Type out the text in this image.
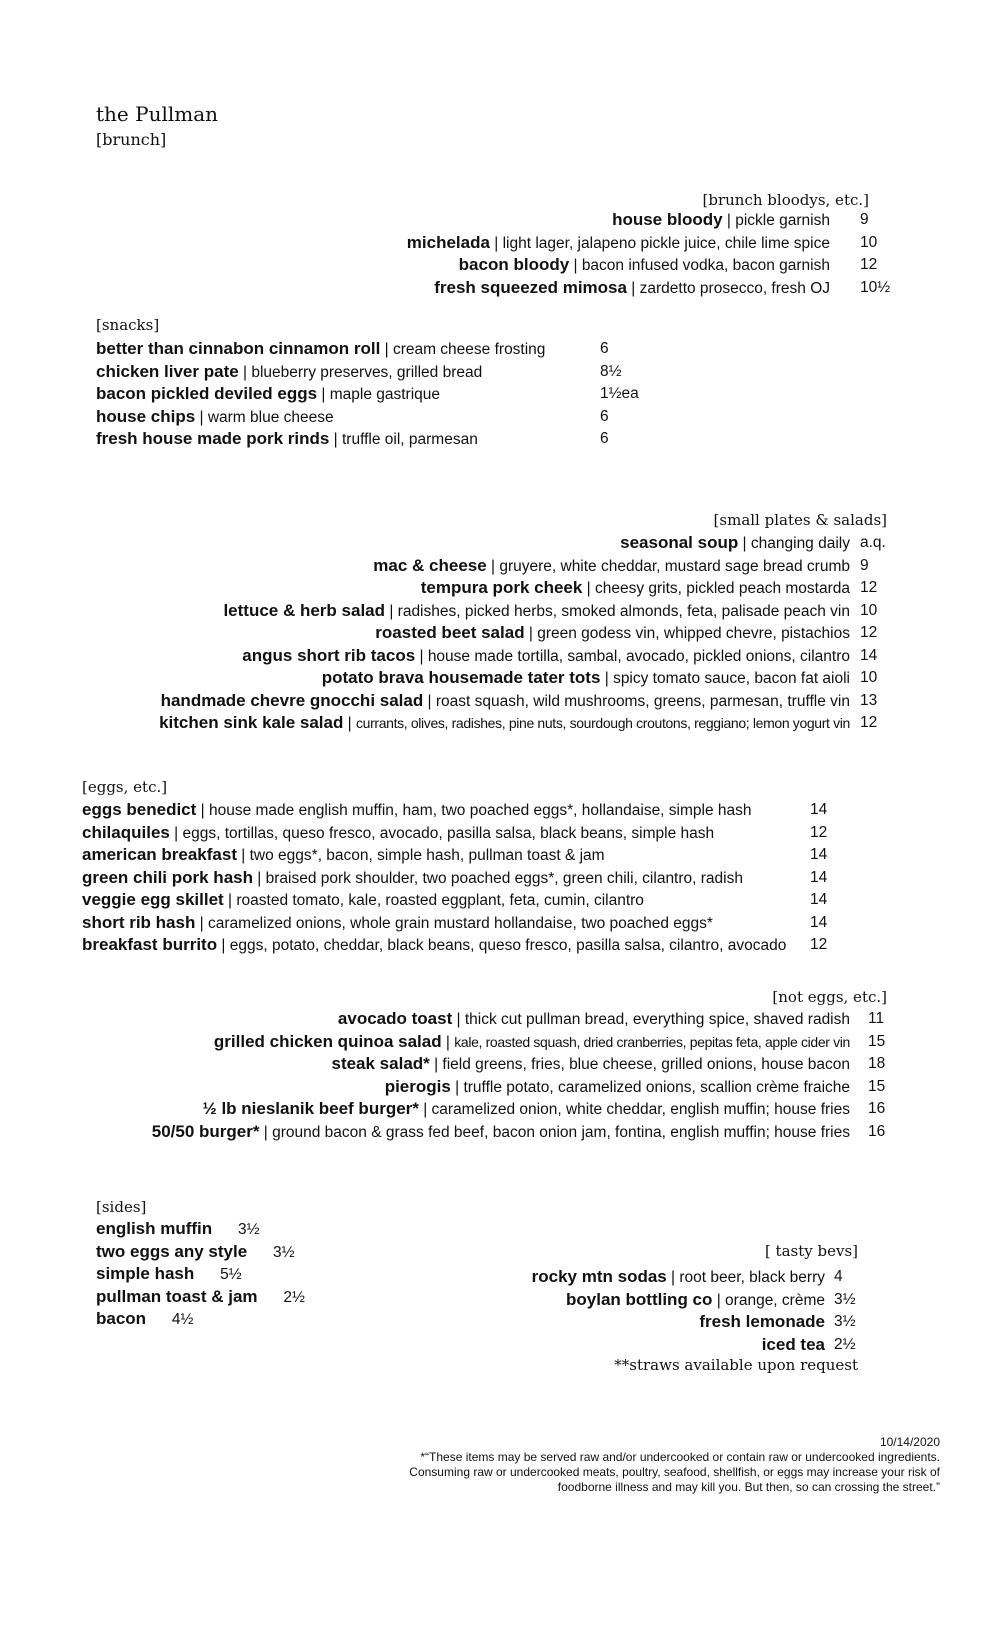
the Pullman
[brunch]
[brunch bloodys, etc.]
house bloody | pickle garnish 9
michelada | light lager, jalapeno pickle juice, chile lime spice 10
bacon bloody | bacon infused vodka, bacon garnish 12
fresh squeezed mimosa | zardetto prosecco, fresh OJ 10½
[snacks]
better than cinnabon cinnamon roll | cream cheese frosting	6
chicken liver pate | blueberry preserves, grilled bread	8½
bacon pickled deviled eggs | maple gastrique	1½ea
house chips | warm blue cheese	6
fresh house made pork rinds | truffle oil, parmesan	6
[small plates & salads]
seasonal soup | changing daily a.q.
mac & cheese | gruyere, white cheddar, mustard sage bread crumb 9
tempura pork cheek | cheesy grits, pickled peach mostarda 12
lettuce & herb salad | radishes, picked herbs, smoked almonds, feta, palisade peach vin 10
roasted beet salad | green godess vin, whipped chevre, pistachios 12
angus short rib tacos | house made tortilla, sambal, avocado, pickled onions, cilantro 14
potato brava housemade tater tots | spicy tomato sauce, bacon fat aioli 10
handmade chevre gnocchi salad | roast squash, wild mushrooms, greens, parmesan, truffle vin 13
kitchen sink kale salad | currants, olives, radishes, pine nuts, sourdough croutons, reggiano; lemon yogurt vin 12
[eggs, etc.]
eggs benedict | house made english muffin, ham, two poached eggs*, hollandaise, simple hash	14
chilaquiles | eggs, tortillas, queso fresco, avocado, pasilla salsa, black beans, simple hash	12
american breakfast | two eggs*, bacon, simple hash, pullman toast & jam	14
green chili pork hash | braised pork shoulder, two poached eggs*, green chili, cilantro, radish	14
veggie egg skillet | roasted tomato, kale, roasted eggplant, feta, cumin, cilantro	14
short rib hash | caramelized onions, whole grain mustard hollandaise, two poached eggs*	14
breakfast burrito | eggs, potato, cheddar, black beans, queso fresco, pasilla salsa, cilantro, avocado 12
[not eggs, etc.]
avocado toast | thick cut pullman bread, everything spice, shaved radish 11
grilled chicken quinoa salad | kale, roasted squash, dried cranberries, pepitas feta, apple cider vin 15
steak salad* | field greens, fries, blue cheese, grilled onions, house bacon 18
pierogis | truffle potato, caramelized onions, scallion crème fraiche 15
½ lb nieslanik beef burger* | caramelized onion, white cheddar, english muffin; house fries 16
50/50 burger* | ground bacon & grass fed beef, bacon onion jam, fontina, english muffin; house fries 16
[sides]
english muffin 3½
two eggs any style 3½
simple hash 5½
pullman toast & jam 2½
bacon 4½
[ tasty bevs]
rocky mtn sodas | root beer, black berry 4
boylan bottling co | orange, crème 3½
fresh lemonade 3½
iced tea 2½
**straws available upon request
10/14/2020
*“These items may be served raw and/or undercooked or contain raw or undercooked ingredients.
Consuming raw or undercooked meats, poultry, seafood, shellfish, or eggs may increase your risk of
foodborne illness and may kill you. But then, so can crossing the street.”
